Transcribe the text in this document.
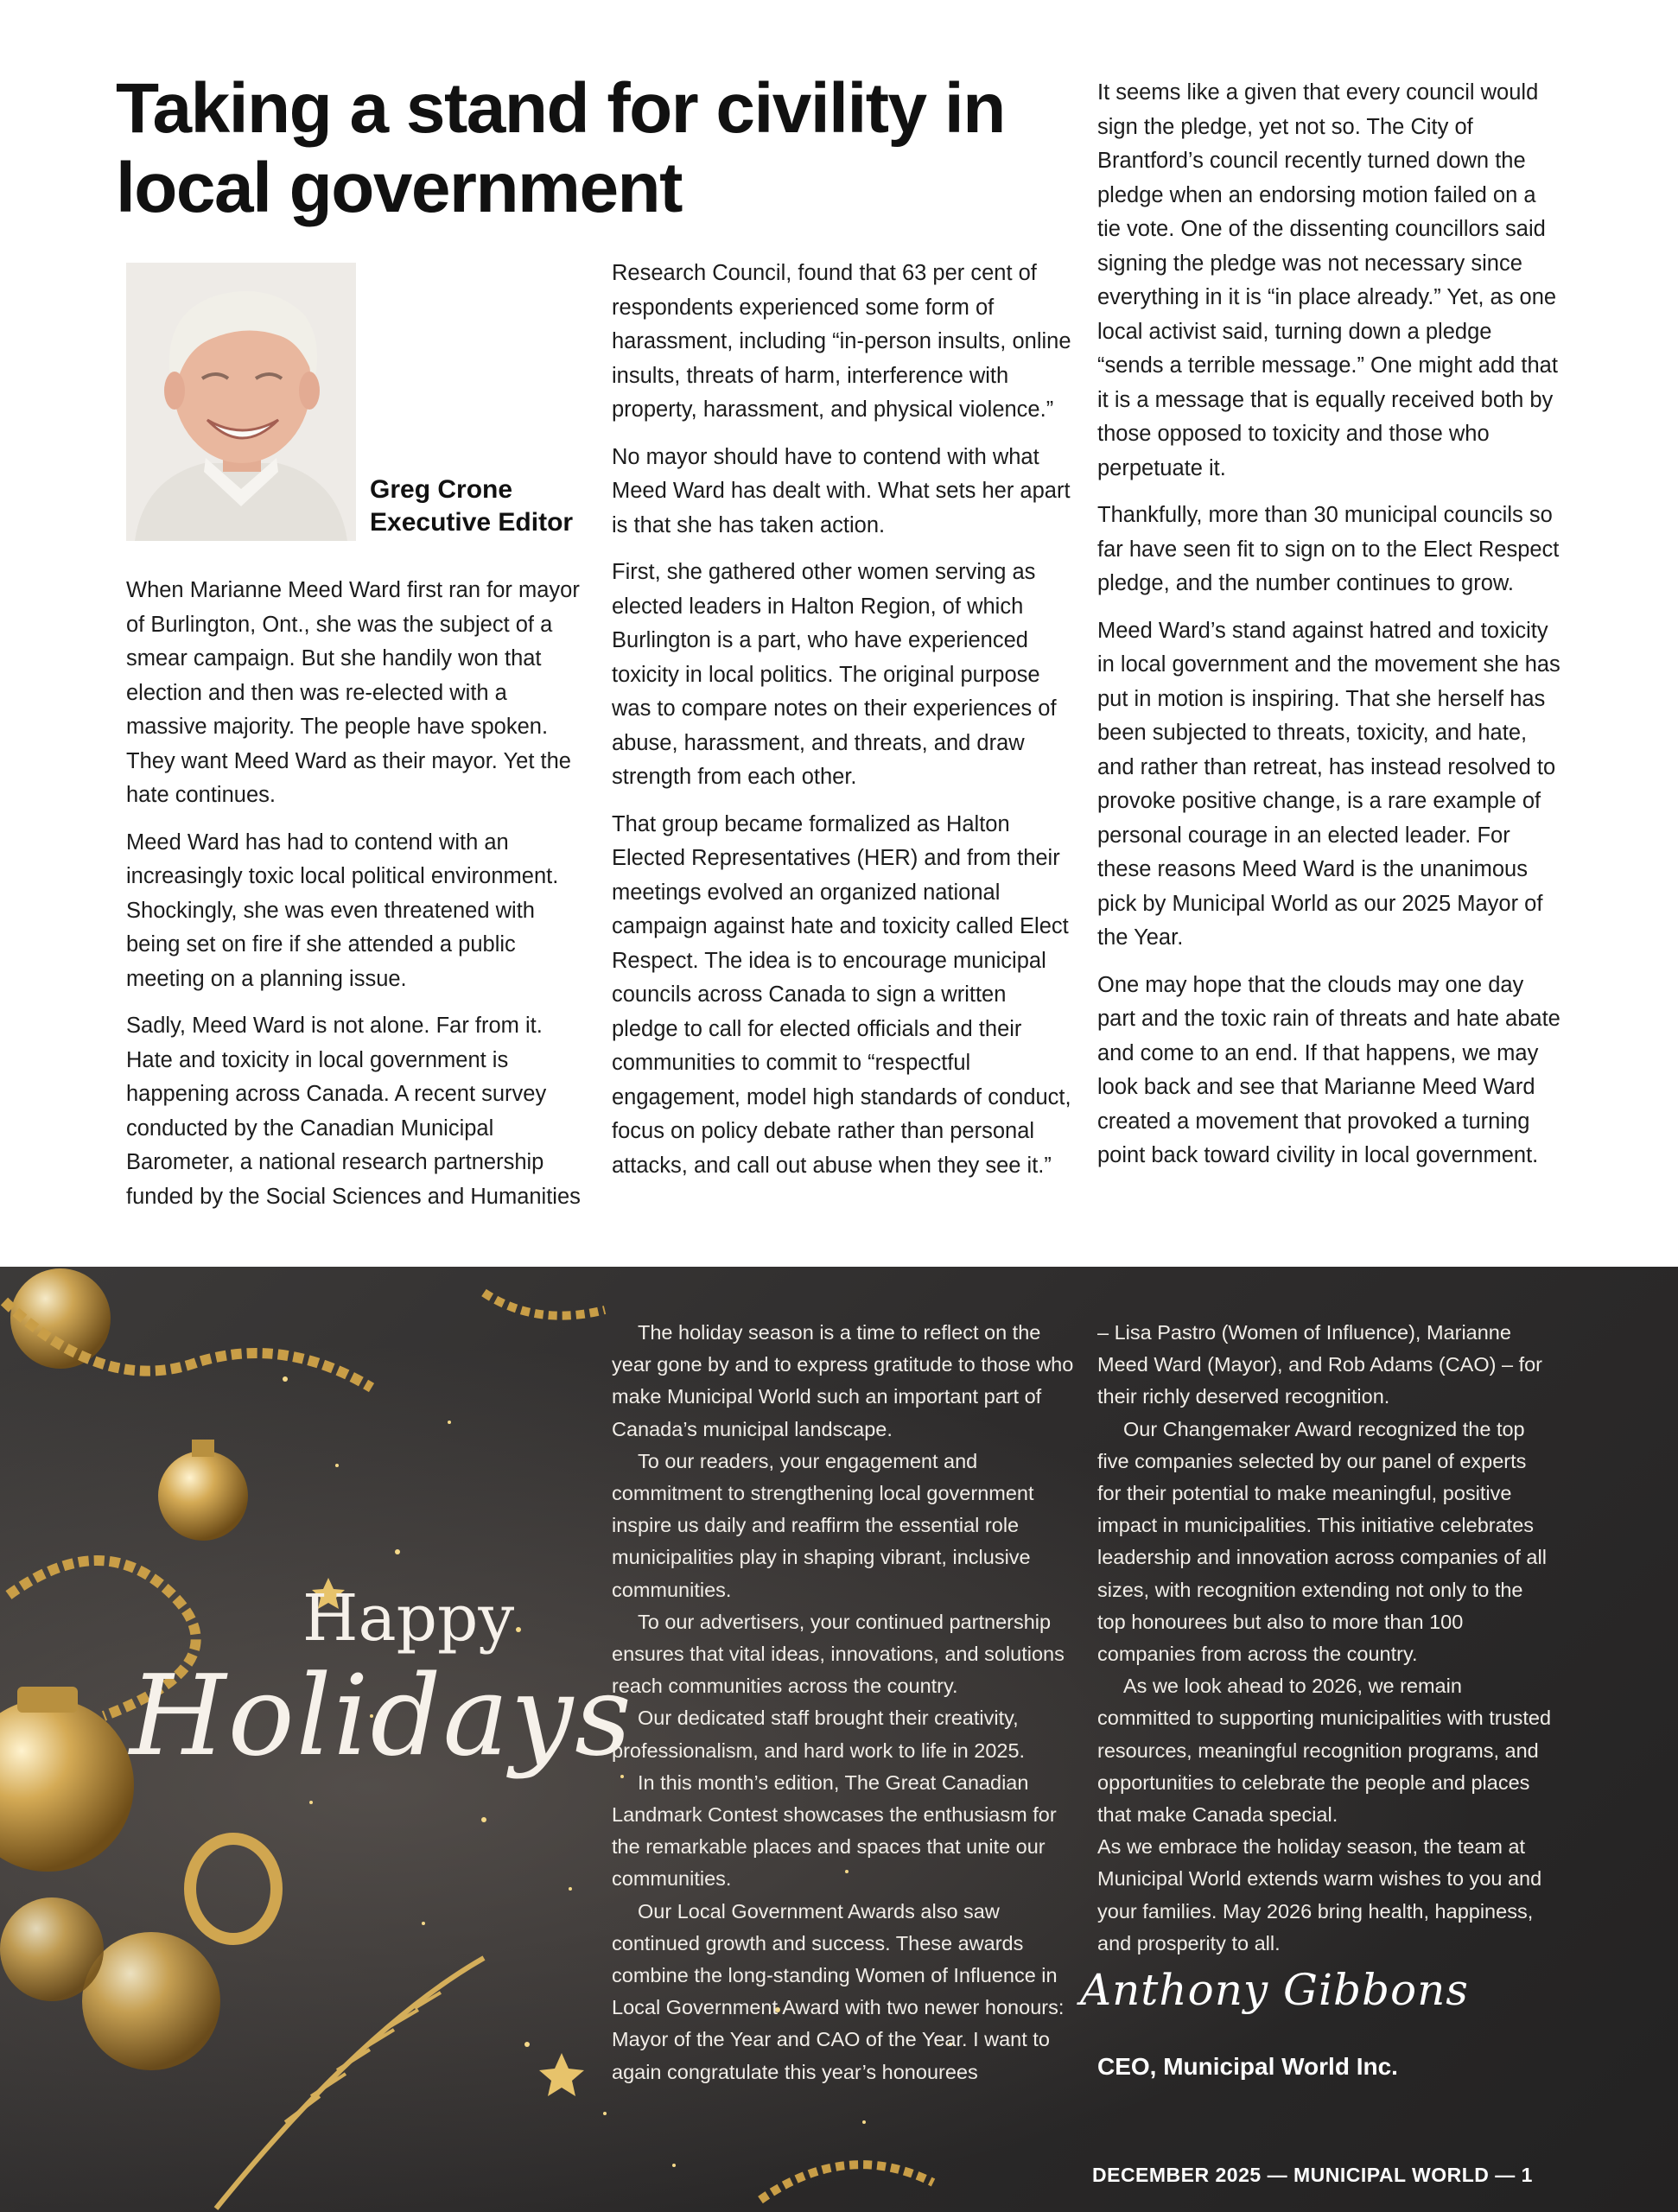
Taking a stand for civility in local government
Greg Crone
Executive Editor

When Marianne Meed Ward first ran for mayor of Burlington, Ont., she was the subject of a smear campaign. But she handily won that election and then was re-elected with a massive majority. The people have spoken. They want Meed Ward as their mayor. Yet the hate continues.

Meed Ward has had to contend with an increasingly toxic local political environment. Shockingly, she was even threatened with being set on fire if she attended a public meeting on a planning issue.

Sadly, Meed Ward is not alone. Far from it. Hate and toxicity in local government is happening across Canada. A recent survey conducted by the Canadian Municipal Barometer, a national research partnership funded by the Social Sciences and Humanities

Research Council, found that 63 per cent of respondents experienced some form of harassment, including “in-person insults, online insults, threats of harm, interference with property, harassment, and physical violence.”

No mayor should have to contend with what Meed Ward has dealt with. What sets her apart is that she has taken action.

First, she gathered other women serving as elected leaders in Halton Region, of which Burlington is a part, who have experienced toxicity in local politics. The original purpose was to compare notes on their experiences of abuse, harassment, and threats, and draw strength from each other.

That group became formalized as Halton Elected Representatives (HER) and from their meetings evolved an organized national campaign against hate and toxicity called Elect Respect. The idea is to encourage municipal councils across Canada to sign a written pledge to call for elected officials and their communities to commit to “respectful engagement, model high standards of conduct, focus on policy debate rather than personal attacks, and call out abuse when they see it.”

It seems like a given that every council would sign the pledge, yet not so. The City of Brantford’s council recently turned down the pledge when an endorsing motion failed on a tie vote. One of the dissenting councillors said signing the pledge was not necessary since everything in it is “in place already.” Yet, as one local activist said, turning down a pledge “sends a terrible message.” One might add that it is a message that is equally received both by those opposed to toxicity and those who perpetuate it.

Thankfully, more than 30 municipal councils so far have seen fit to sign on to the Elect Respect pledge, and the number continues to grow.

Meed Ward’s stand against hatred and toxicity in local government and the movement she has put in motion is inspiring. That she herself has been subjected to threats, toxicity, and hate, and rather than retreat, has instead resolved to provoke positive change, is a rare example of personal courage in an elected leader. For these reasons Meed Ward is the unanimous pick by Municipal World as our 2025 Mayor of the Year.

One may hope that the clouds may one day part and the toxic rain of threats and hate abate and come to an end. If that happens, we may look back and see that Marianne Meed Ward created a movement that provoked a turning point back toward civility in local government.

Happy
Holidays

The holiday season is a time to reflect on the year gone by and to express gratitude to those who make Municipal World such an important part of Canada’s municipal landscape.

To our readers, your engagement and commitment to strengthening local government inspire us daily and reaffirm the essential role municipalities play in shaping vibrant, inclusive communities.

To our advertisers, your continued partnership ensures that vital ideas, innovations, and solutions reach communities across the country.

Our dedicated staff brought their creativity, professionalism, and hard work to life in 2025.

In this month’s edition, The Great Canadian Landmark Contest showcases the enthusiasm for the remarkable places and spaces that unite our communities.

Our Local Government Awards also saw continued growth and success. These awards combine the long-standing Women of Influence in Local Government Award with two newer honours: Mayor of the Year and CAO of the Year. I want to again congratulate this year’s honourees

– Lisa Pastro (Women of Influence), Marianne Meed Ward (Mayor), and Rob Adams (CAO) – for their richly deserved recognition.

Our Changemaker Award recognized the top five companies selected by our panel of experts for their potential to make meaningful, positive impact in municipalities. This initiative celebrates leadership and innovation across companies of all sizes, with recognition extending not only to the top honourees but also to more than 100 companies from across the country.

As we look ahead to 2026, we remain committed to supporting municipalities with trusted resources, meaningful recognition programs, and opportunities to celebrate the people and places that make Canada special.

As we embrace the holiday season, the team at Municipal World extends warm wishes to you and your families. May 2026 bring health, happiness, and prosperity to all.

Anthony Gibbons
CEO, Municipal World Inc.
DECEMBER 2025 — MUNICIPAL WORLD — 1
